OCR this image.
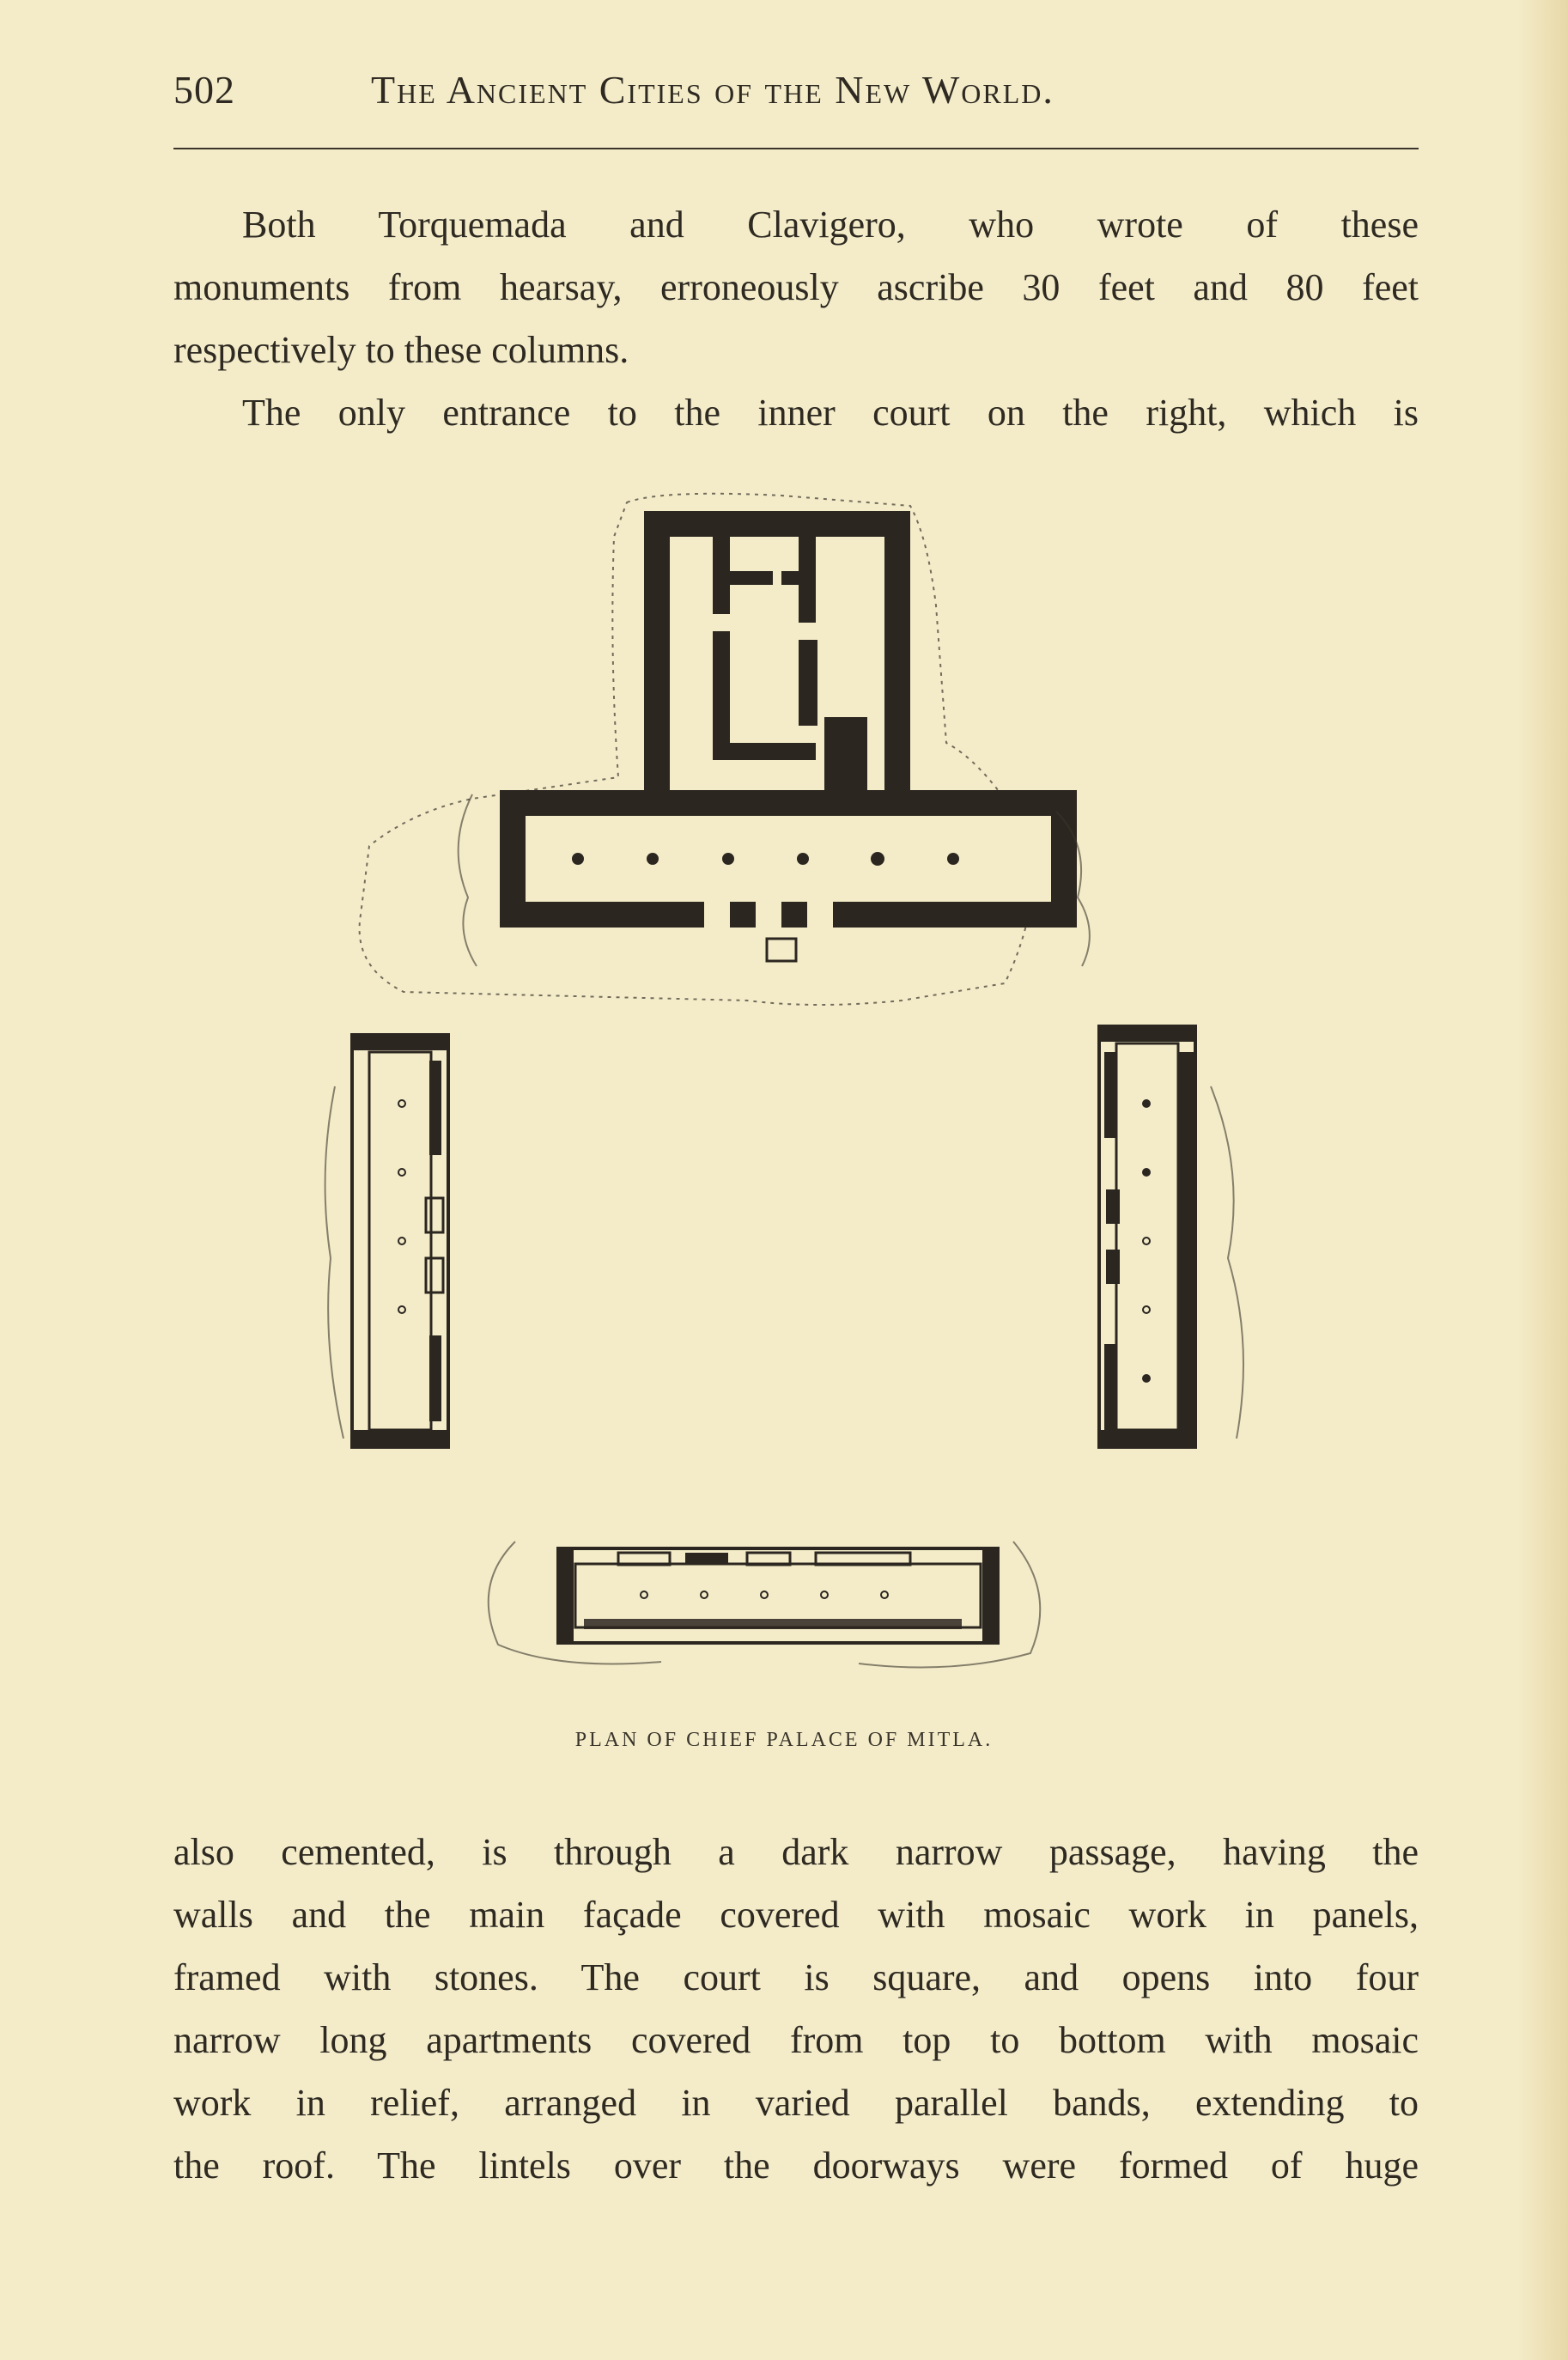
502	The Ancient Cities of the New World.
Both Torquemada and Clavigero, who wrote of these
monuments from hearsay, erroneously ascribe 30 feet and 80 feet
respectively to these columns.
The only entrance to the inner court on the right, which is
PLAN OF CHIEF PALACE OF MITLA.
also cemented, is through a dark narrow passage, having the
walls and the main façade covered with mosaic work in panels,
framed with stones. The court is square, and opens into four
narrow long apartments covered from top to bottom with mosaic
work in relief, arranged in varied parallel bands, extending to
the roof. The lintels over the doorways were formed of huge
